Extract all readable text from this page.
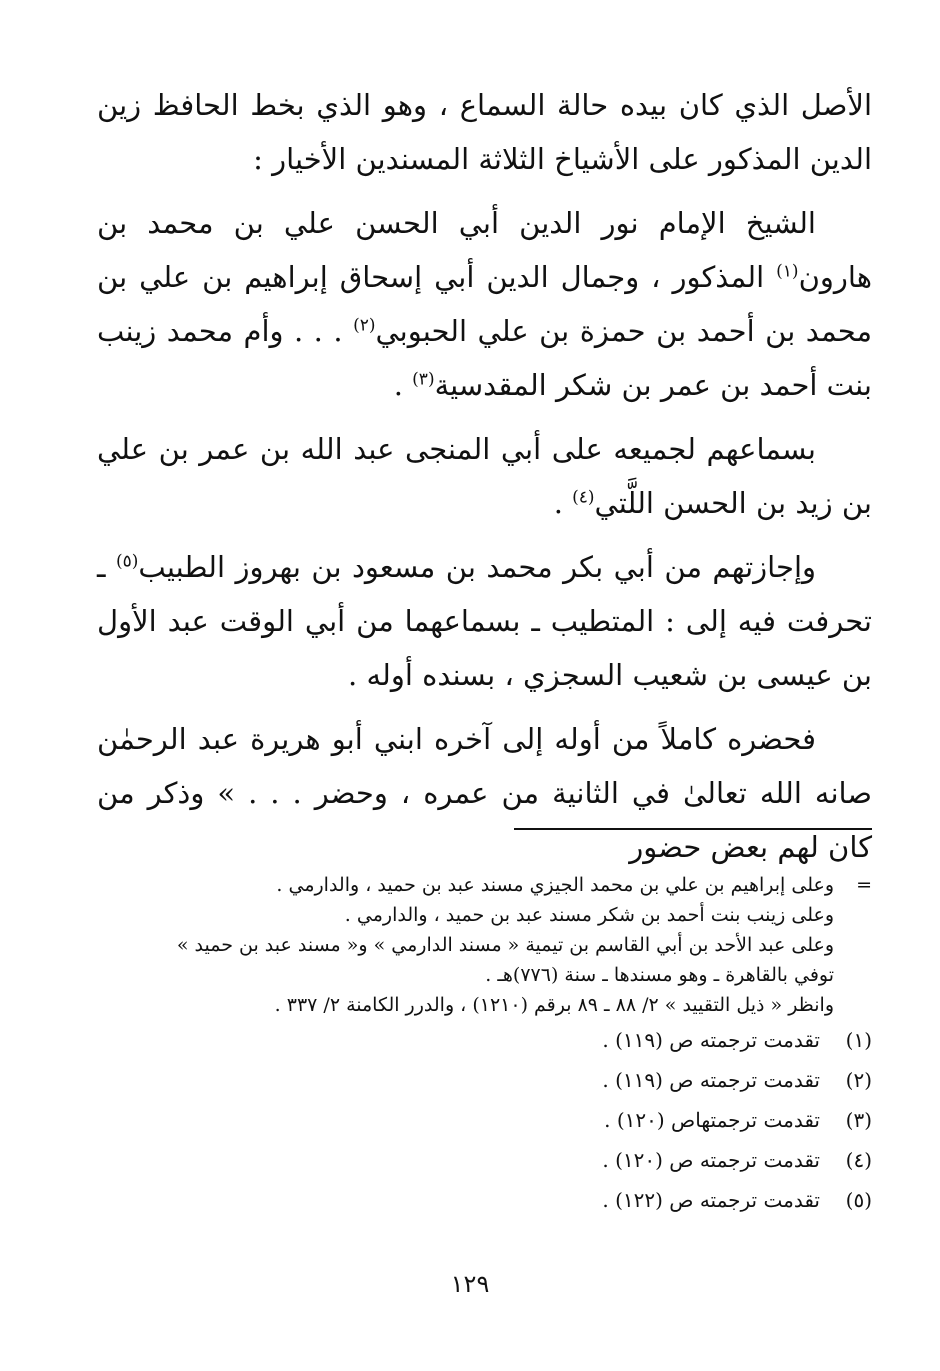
الأصل الذي كان بيده حالة السماع ، وهو الذي بخط الحافظ زين الدين المذكور على الأشياخ الثلاثة المسندين الأخيار :

الشيخ الإمام نور الدين أبي الحسن علي بن محمد بن هارون$^{(١)}$ المذكور ، وجمال الدين أبي إسحاق إبراهيم بن علي بن محمد بن أحمد بن حمزة بن علي الحبوبي$^{(٢)}$ . . . وأم محمد زينب بنت أحمد بن عمر بن شكر المقدسية$^{(٣)}$ .

بسماعهم لجميعه على أبي المنجى عبد الله بن عمر بن علي بن زيد بن الحسن اللَّتي$^{(٤)}$ .

وإجازتهم من أبي بكر محمد بن مسعود بن بهروز الطبيب$^{(٥)}$ ـ تحرفت فيه إلى : المتطيب ـ بسماعهما من أبي الوقت عبد الأول بن عيسى بن شعيب السجزي ، بسنده أوله .

فحضره كاملاً من أوله إلى آخره ابني أبو هريرة عبد الرحمٰن صانه الله تعالىٰ في الثانية من عمره ، وحضر . . . » وذكر من كان لهم بعض حضور

=
وعلى إبراهيم بن علي بن محمد الجيزي مسند عبد بن حميد ، والدارمي .
وعلى زينب بنت أحمد بن شكر مسند عبد بن حميد ، والدارمي .
وعلى عبد الأحد بن أبي القاسم بن تيمية « مسند الدارمي » و« مسند عبد بن حميد »
توفي بالقاهرة ـ وهو مسندها ـ سنة (٧٧٦)هـ .
وانظر « ذيل التقييد » ٢/ ٨٨ ـ ٨٩ برقم (١٢١٠) ، والدرر الكامنة ٢/ ٣٣٧ .
(١)
تقدمت ترجمته ص (١١٩) .
(٢)
تقدمت ترجمته ص (١١٩) .
(٣)
تقدمت ترجمتهاص (١٢٠) .
(٤)
تقدمت ترجمته ص (١٢٠) .
(٥)
تقدمت ترجمته ص (١٢٢) .
١٢٩
